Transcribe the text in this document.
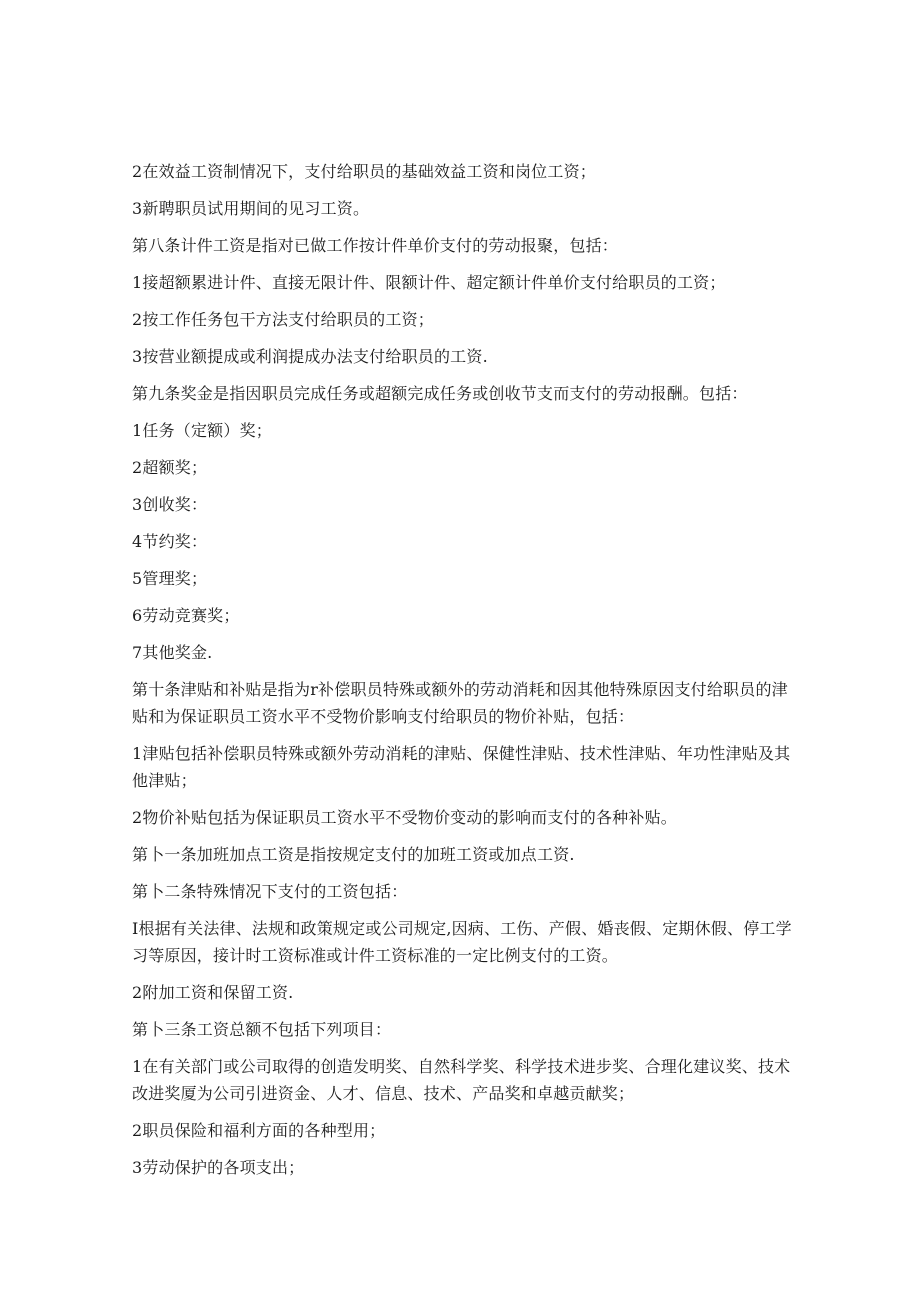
2在效益工资制情况下，支付给职员的基础效益工资和岗位工资；

3新聘职员试用期间的见习工资。

第八条计件工资是指对已做工作按计件单价支付的劳动报聚，包括：

1接超额累进计件、直接无限计件、限额计件、超定额计件单价支付给职员的工资；

2按工作任务包干方法支付给职员的工资；

3按营业额提成或利润提成办法支付给职员的工资.

第九条奖金是指因职员完成任务或超额完成任务或创收节支而支付的劳动报酬。包括：

1任务（定额）奖；

2超额奖；

3创收奖：

4节约奖：

5管理奖；

6劳动竞赛奖；

7其他奖金.

第十条津贴和补贴是指为r补偿职员特殊或额外的劳动消耗和因其他特殊原因支付给职员的津贴和为保证职员工资水平不受物价影响支付给职员的物价补贴，包括：

1津贴包括补偿职员特殊或额外劳动消耗的津贴、保健性津贴、技术性津贴、年功性津贴及其他津贴；

2物价补贴包括为保证职员工资水平不受物价变动的影响而支付的各种补贴。

第卜一条加班加点工资是指按规定支付的加班工资或加点工资.

第卜二条特殊情况下支付的工资包括：

I根据有关法律、法规和政策规定或公司规定,因病、工伤、产假、婚丧假、定期休假、停工学习等原因，接计时工资标准或计件工资标准的一定比例支付的工资。

2附加工资和保留工资.

第卜三条工资总额不包括下列项目：

1在有关部门或公司取得的创造发明奖、自然科学奖、科学技术进步奖、合理化建议奖、技术改进奖厦为公司引进资金、人才、信息、技术、产品奖和卓越贡献奖；

2职员保险和福利方面的各种型用；

3劳动保护的各项支出；
